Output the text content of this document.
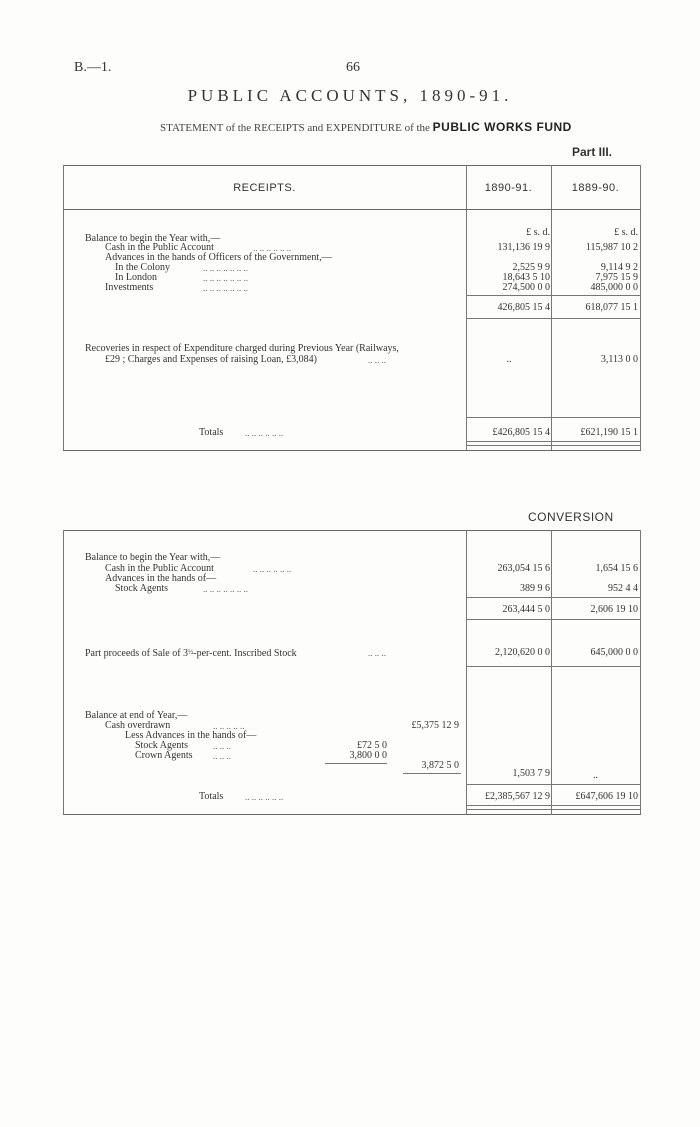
B.—1.	66
PUBLIC ACCOUNTS, 1890-91.
STATEMENT of the RECEIPTS and EXPENDITURE of the PUBLIC WORKS FUND
Part III.
RECEIPTS.	1890-91.	1889-90.
£ s. d.	£ s. d.
Balance to begin the Year with,—
Cash in the Public Account	.. .. .. .. .. ..	131,136 19 9	115,987 10 2
Advances in the hands of Officers of the Government,—
In the Colony	.. .. .. .. .. .. ..	2,525 9 9	9,114 9 2
In London	.. .. .. .. .. .. ..	18,643 5 10	7,975 15 9
Investments	.. .. .. .. .. .. ..	274,500 0 0	485,000 0 0
426,805 15 4	618,077 15 1
Recoveries in respect of Expenditure charged during Previous Year (Railways,
£29 ; Charges and Expenses of raising Loan, £3,084)	.. .. ..	..	3,113 0 0
Totals .. .. .. .. .. ..	£426,805 15 4	£621,190 15 1
CONVERSION
Balance to begin the Year with,—
Cash in the Public Account	.. .. .. .. .. ..	263,054 15 6	1,654 15 6
Advances in the hands of—
Stock Agents	.. .. .. .. .. .. ..	389 9 6	952 4 4
263,444 5 0	2,606 19 10
Part proceeds of Sale of $3^{\frac{1}{2}}-per$-cent. Inscribed Stock	.. .. ..	2,120,620 0 0	645,000 0 0
Balance at end of Year,—
Cash overdrawn	.. .. .. .. ..	£5,375 12 9
Less Advances in the hands of—
Stock Agents	.. .. ..	£72 5 0
Crown Agents .. .. ..	3,800 0 0
3,872 5 0
1,503 7 9	..
Totals .. .. .. .. .. ..	£2,385,567 12 9	£647,606 19 10
